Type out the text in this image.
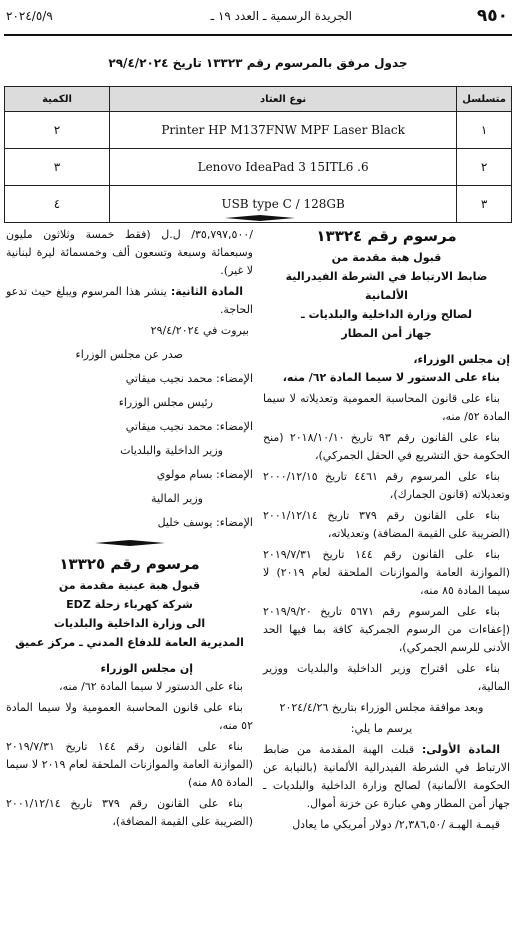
٩٥٠
الجريدة الرسمية ـ العدد ١٩ ـ
٢٠٢٤/٥/٩
جدول مرفق بالمرسوم رقم ١٣٣٢٣ تاريخ ٢٩/٤/٢٠٢٤
متسلسل	نوع العتاد	الكمية
١	Printer HP M137FNW MPF Laser Black	٢
٢	Lenovo IdeaPad 3 15ITL6 .6	٣
٣	USB type C / 128GB	٤
مرسوم رقم ١٣٣٢٤
قبول هبة مقدمة من
ضابط الارتباط في الشرطة الفيدرالية الألمانية
لصالح وزارة الداخلية والبلديات ـ
جهاز أمن المطار
إن مجلس الوزراء،

بناء على الدستور لا سيما المادة ٦٢/ منه،

بناء على قانون المحاسبة العمومية وتعديلاته لا سيما المادة ٥٢/ منه،

بناء على القانون رقم ٩٣ تاريخ ٢٠١٨/١٠/١٠ (منح الحكومة حق التشريع في الحقل الجمركي)،

بناء على المرسوم رقم ٤٤٦١ تاريخ ٢٠٠٠/١٢/١٥ وتعديلاته (قانون الجمارك)،

بناء على القانون رقم ٣٧٩ تاريخ ٢٠٠١/١٢/١٤ (الضريبة على القيمة المضافة) وتعديلاته،

بناء على القانون رقم ١٤٤ تاريخ ٢٠١٩/٧/٣١ (الموازنة العامة والموازنات الملحقة لعام ٢٠١٩) لا سيما المادة ٨٥ منه،

بناء على المرسوم رقم ٥٦٧١ تاريخ ٢٠١٩/٩/٢٠ (إعفاءات من الرسوم الجمركية كافة بما فيها الحد الأدنى للرسم الجمركي)،

بناء على اقتراح وزير الداخلية والبلديات ووزير المالية،

وبعد موافقة مجلس الوزراء بتاريخ ٢٠٢٤/٤/٢٦

يرسم ما يلي:

المادة الأولى: قبلت الهبة المقدمة من ضابط الارتباط في الشرطة الفيدرالية الألمانية (بالنيابة عن الحكومة الألمانية) لصالح وزارة الداخلية والبلديات ـ جهاز أمن المطار وهي عبارة عن خزنة أموال.

قيمـة الهبـة /٢,٣٨٦,٥٠/ دولار أمريكي ما يعادل

/٣٥,٧٩٧,٥٠٠/ ل.ل (فقط خمسة وثلاثون مليون وسبعمائة وسبعة وتسعون ألف وخمسمائة ليرة لبنانية لا غير).

المادة الثانية: ينشر هذا المرسوم ويبلغ حيث تدعو الحاجة.

بيروت في ٢٩/٤/٢٠٢٤

صدر عن مجلس الوزراء

الإمضاء: محمد نجيب ميقاتي

رئيس مجلس الوزراء

الإمضاء: محمد نجيب ميقاتي

وزير الداخلية والبلديات

الإمضاء: بسام مولوي

وزير المالية

الإمضاء: يوسف خليل

مرسوم رقم ١٣٣٢٥
قبول هبة عينية مقدمة من
شركة كهرباء زحلة EDZ
الى وزارة الداخلية والبلديات
المديرية العامة للدفاع المدني ـ مركز عميق
إن مجلس الوزراء

بناء على الدستور لا سيما المادة ٦٢/ منه،

بناء على قانون المحاسبة العمومية ولا سيما المادة ٥٢ منه،

بناء على القانون رقم ١٤٤ تاريخ ٢٠١٩/٧/٣١ (الموازنة العامة والموازنات الملحقة لعام ٢٠١٩ لا سيما المادة ٨٥ منه)

بناء على القانون رقم ٣٧٩ تاريخ ٢٠٠١/١٢/١٤ (الضريبة على القيمة المضافة)،
